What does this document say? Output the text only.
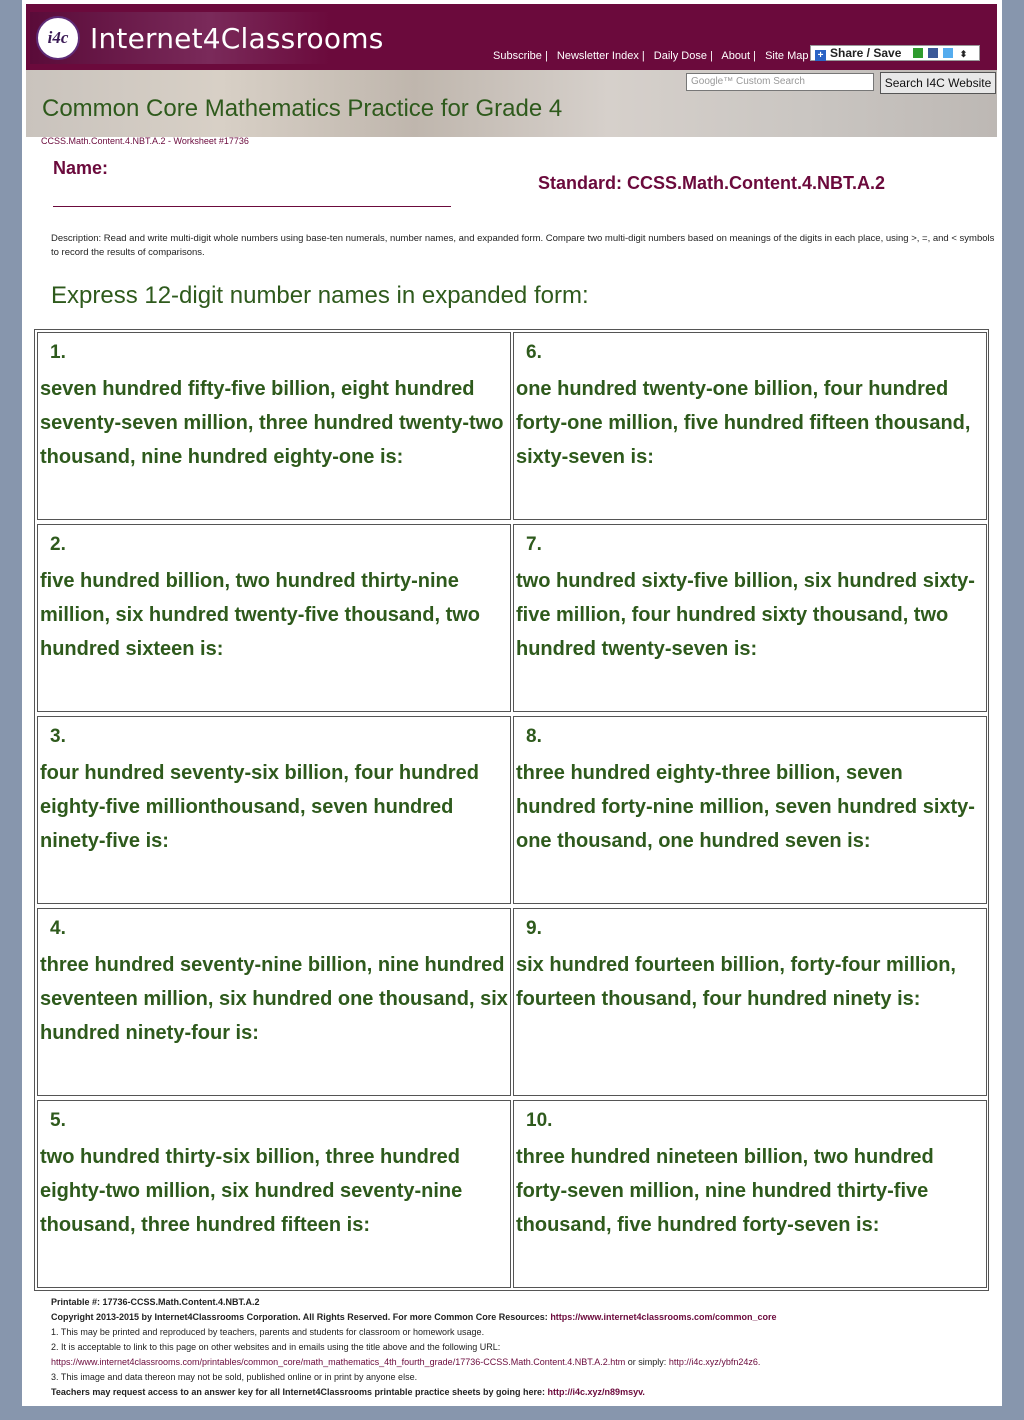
i4c Internet4Classrooms
Subscribe | Newsletter Index | Daily Dose | About | Site Map + Share / Save	⬍
Google™ Custom Search	Search I4C Website
Common Core Mathematics Practice for Grade 4
CCSS.Math.Content.4.NBT.A.2 - Worksheet #17736
Name:
Standard: CCSS.Math.Content.4.NBT.A.2
Description: Read and write multi-digit whole numbers using base-ten numerals, number names, and expanded form. Compare two multi-digit numbers based on meanings of the digits in each place, using >, =, and < symbols to record the results of comparisons.
Express 12-digit number names in expanded form:
1.
seven hundred fifty-five billion, eight hundred seventy-seven million, three hundred twenty-two thousand, nine hundred eighty-one is:
2.
five hundred billion, two hundred thirty-nine million, six hundred twenty-five thousand, two hundred sixteen is:
3.
four hundred seventy-six billion, four hundred eighty-five millionthousand, seven hundred ninety-five is:
4.
three hundred seventy-nine billion, nine hundred seventeen million, six hundred one thousand, six hundred ninety-four is:
5.
two hundred thirty-six billion, three hundred eighty-two million, six hundred seventy-nine thousand, three hundred fifteen is:
6.
one hundred twenty-one billion, four hundred forty-one million, five hundred fifteen thousand, sixty-seven is:
7.
two hundred sixty-five billion, six hundred sixty-five million, four hundred sixty thousand, two hundred twenty-seven is:
8.
three hundred eighty-three billion, seven hundred forty-nine million, seven hundred sixty-one thousand, one hundred seven is:
9.
six hundred fourteen billion, forty-four million, fourteen thousand, four hundred ninety is:
10.
three hundred nineteen billion, two hundred forty-seven million, nine hundred thirty-five thousand, five hundred forty-seven is:
Printable #: 17736-CCSS.Math.Content.4.NBT.A.2
Copyright 2013-2015 by Internet4Classrooms Corporation. All Rights Reserved. For more Common Core Resources: https://www.internet4classrooms.com/common_core
1. This may be printed and reproduced by teachers, parents and students for classroom or homework usage.
2. It is acceptable to link to this page on other websites and in emails using the title above and the following URL:
https://www.internet4classrooms.com/printables/common_core/math_mathematics_4th_fourth_grade/17736-CCSS.Math.Content.4.NBT.A.2.htm or simply: http://i4c.xyz/ybfn24z6.
3. This image and data thereon may not be sold, published online or in print by anyone else.
Teachers may request access to an answer key for all Internet4Classrooms printable practice sheets by going here: http://i4c.xyz/n89msyv.
